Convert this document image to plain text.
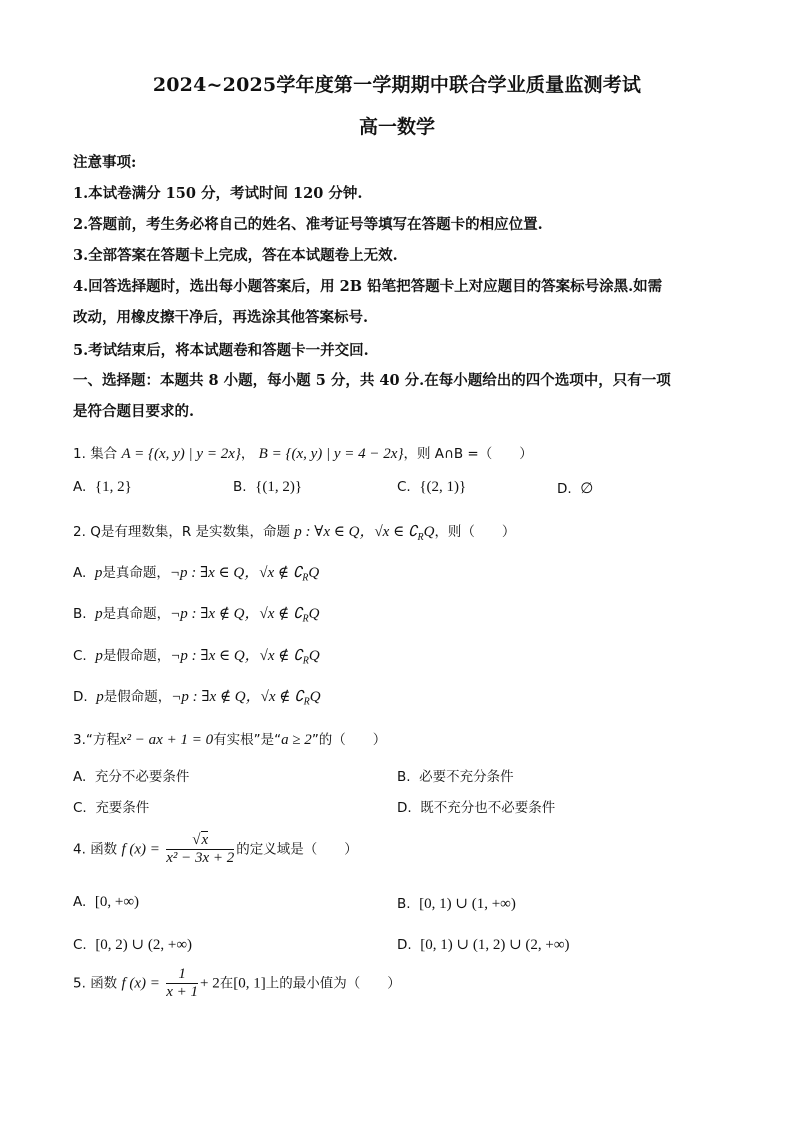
2024~2025学年度第一学期期中联合学业质量监测考试
高一数学
注意事项:
1.本试卷满分 150 分，考试时间 120 分钟.
2.答题前，考生务必将自己的姓名、准考证号等填写在答题卡的相应位置.
3.全部答案在答题卡上完成，答在本试题卷上无效.
4.回答选择题时，选出每小题答案后，用 2B 铅笔把答题卡上对应题目的答案标号涂黑.如需
改动，用橡皮擦干净后，再选涂其他答案标号.
5.考试结束后，将本试题卷和答题卡一并交回.
一、选择题：本题共 8 小题，每小题 5 分，共 40 分.在每小题给出的四个选项中，只有一项
是符合题目要求的.
1. 集合 A = {(x, y) | y = 2x}， B = {(x, y) | y = 4 − 2x}，则 A∩B =（　　）
A. {1, 2}	B. {(1, 2)}	C. {(2, 1)}	D. ∅
2. Q是有理数集，R 是实数集，命题 p : ∀x ∈ Q，√x ∈ $∁_RQ$，则（　　）
A. p是真命题，¬p : ∃x ∈ Q，√x ∉ $∁_RQ$
B. p是真命题，¬p : ∃x ∉ Q，√x ∉ $∁_RQ$
C. p是假命题，¬p : ∃x ∈ Q，√x ∉ $∁_RQ$
D. p是假命题，¬p : ∃x ∉ Q，√x ∉ $∁_RQ$
3.“方程x² − ax + 1 = 0有实根”是“a ≥ 2”的（　　）
A. 充分不必要条件	B. 必要不充分条件
C. 充要条件	D. 既不充分也不必要条件
4. 函数 f $(x) = \frac{√x}{\text{x² − 3x + 2}}$ 的定义域是（　　）
A. [0, +∞)	B. [0, 1) ∪ (1, +∞)
C. [0, 2) ∪ (2, +∞)	D. [0, 1) ∪ (1, 2) ∪ (2, +∞)
5. 函数 f $(x) = \frac{1}{x + 1} + 2$在[0, 1]上的最小值为（　　）
